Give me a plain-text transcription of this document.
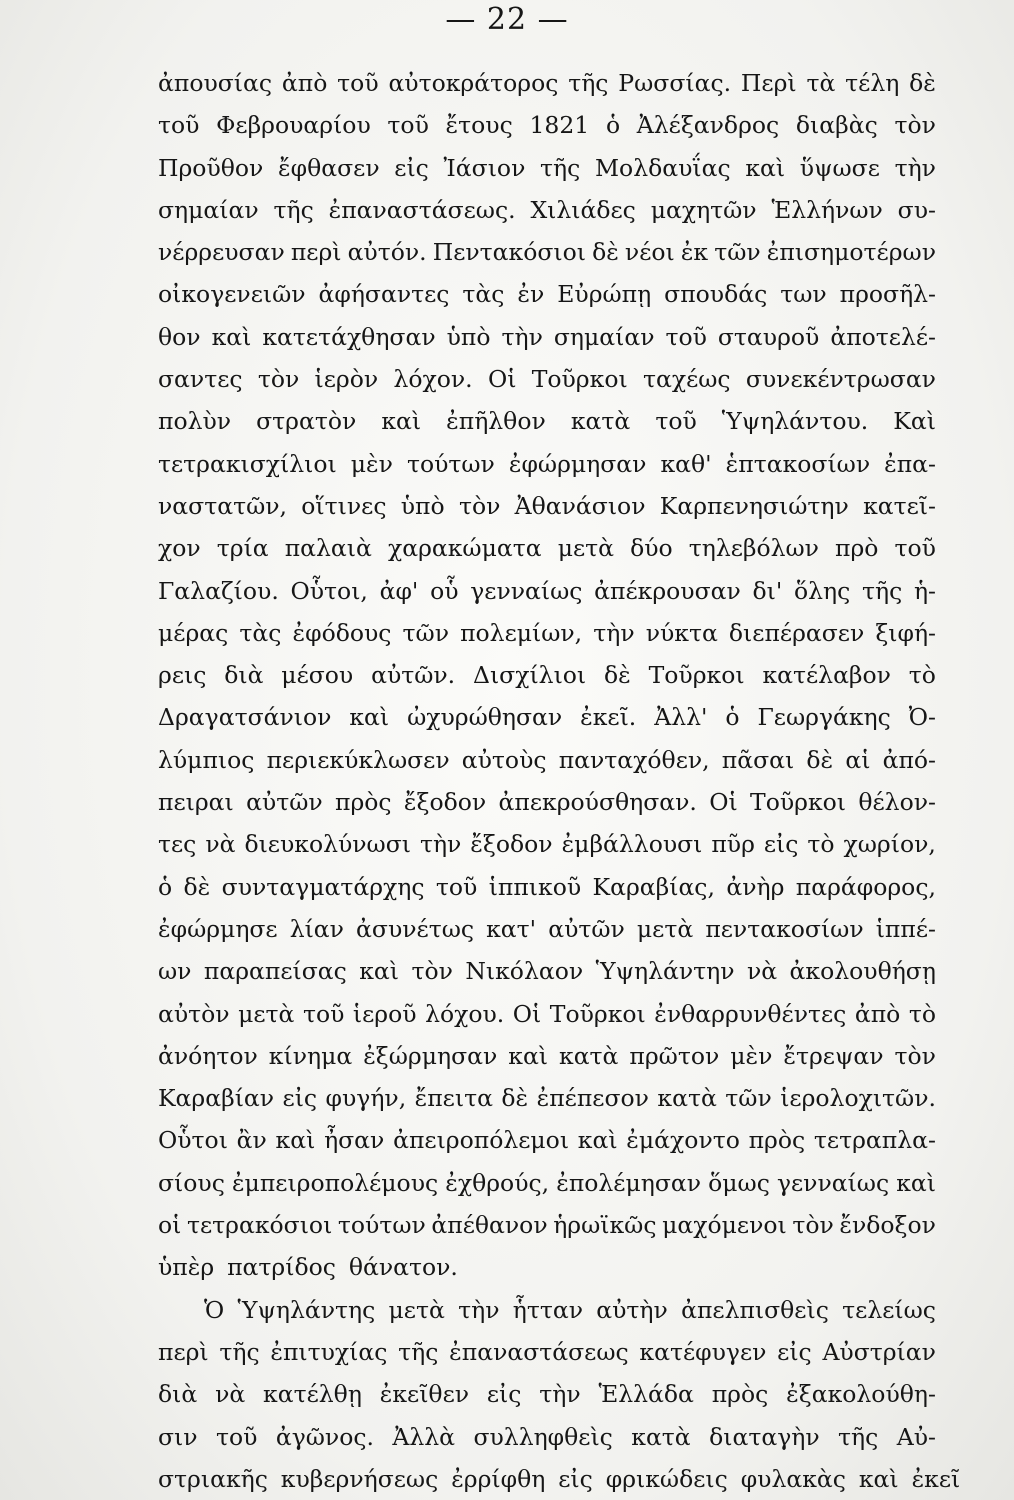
— 22 —
ἀπουσίας ἀπὸ τοῦ αὐτοκράτορος τῆς Ρωσσίας. Περὶ τὰ τέλη δὲ
τοῦ Φεβρουαρίου τοῦ ἔτους 1821 ὁ Ἀλέξανδρος διαβὰς τὸν
Προῦθον ἔφθασεν εἰς Ἰάσιον τῆς Μολδαυΐας καὶ ὕψωσε τὴν
σημαίαν τῆς ἐπαναστάσεως. Χιλιάδες μαχητῶν Ἑλλήνων συ-
νέρρευσαν περὶ αὐτόν. Πεντακόσιοι δὲ νέοι ἐκ τῶν ἐπισημοτέρων
οἰκογενειῶν ἀφήσαντες τὰς ἐν Εὐρώπῃ σπουδάς των προσῆλ-
θον καὶ κατετάχθησαν ὑπὸ τὴν σημαίαν τοῦ σταυροῦ ἀποτελέ-
σαντες τὸν ἱερὸν λόχον. Οἱ Τοῦρκοι ταχέως συνεκέντρωσαν
πολὺν στρατὸν καὶ ἐπῆλθον κατὰ τοῦ Ὑψηλάντου. Καὶ
τετρακισχίλιοι μὲν τούτων ἐφώρμησαν καθ' ἑπτακοσίων ἐπα-
ναστατῶν, οἵτινες ὑπὸ τὸν Ἀθανάσιον Καρπενησιώτην κατεῖ-
χον τρία παλαιὰ χαρακώματα μετὰ δύο τηλεβόλων πρὸ τοῦ
Γαλαζίου. Οὗτοι, ἀφ' οὗ γενναίως ἀπέκρουσαν δι' ὅλης τῆς ἡ-
μέρας τὰς ἐφόδους τῶν πολεμίων, τὴν νύκτα διεπέρασεν ξιφή-
ρεις διὰ μέσου αὐτῶν. Δισχίλιοι δὲ Τοῦρκοι κατέλαβον τὸ
Δραγατσάνιον καὶ ὠχυρώθησαν ἐκεῖ. Ἀλλ' ὁ Γεωργάκης Ὀ-
λύμπιος περιεκύκλωσεν αὐτοὺς πανταχόθεν, πᾶσαι δὲ αἱ ἀπό-
πειραι αὐτῶν πρὸς ἔξοδον ἀπεκρούσθησαν. Οἱ Τοῦρκοι θέλον-
τες νὰ διευκολύνωσι τὴν ἔξοδον ἐμβάλλουσι πῦρ εἰς τὸ χωρίον,
ὁ δὲ συνταγματάρχης τοῦ ἱππικοῦ Καραβίας, ἀνὴρ παράφορος,
ἐφώρμησε λίαν ἀσυνέτως κατ' αὐτῶν μετὰ πεντακοσίων ἱππέ-
ων παραπείσας καὶ τὸν Νικόλαον Ὑψηλάντην νὰ ἀκολουθήσῃ
αὐτὸν μετὰ τοῦ ἱεροῦ λόχου. Οἱ Τοῦρκοι ἐνθαρρυνθέντες ἀπὸ τὸ
ἀνόητον κίνημα ἐξώρμησαν καὶ κατὰ πρῶτον μὲν ἔτρεψαν τὸν
Καραβίαν εἰς φυγήν, ἔπειτα δὲ ἐπέπεσον κατὰ τῶν ἱερολοχιτῶν.
Οὗτοι ἂν καὶ ἦσαν ἀπειροπόλεμοι καὶ ἐμάχοντο πρὸς τετραπλα-
σίους ἐμπειροπολέμους ἐχθρούς, ἐπολέμησαν ὅμως γενναίως καὶ
οἱ τετρακόσιοι τούτων ἀπέθανον ἡρωϊκῶς μαχόμενοι τὸν ἔνδοξον
ὑπὲρ πατρίδος θάνατον.
Ὁ Ὑψηλάντης μετὰ τὴν ἧτταν αὐτὴν ἀπελπισθεὶς τελείως
περὶ τῆς ἐπιτυχίας τῆς ἐπαναστάσεως κατέφυγεν εἰς Αὐστρίαν
διὰ νὰ κατέλθῃ ἐκεῖθεν εἰς τὴν Ἑλλάδα πρὸς ἐξακολούθη-
σιν τοῦ ἀγῶνος. Ἀλλὰ συλληφθεὶς κατὰ διαταγὴν τῆς Αὐ-
στριακῆς κυβερνήσεως ἐρρίφθη εἰς φρικώδεις φυλακὰς καὶ ἐκεῖ
